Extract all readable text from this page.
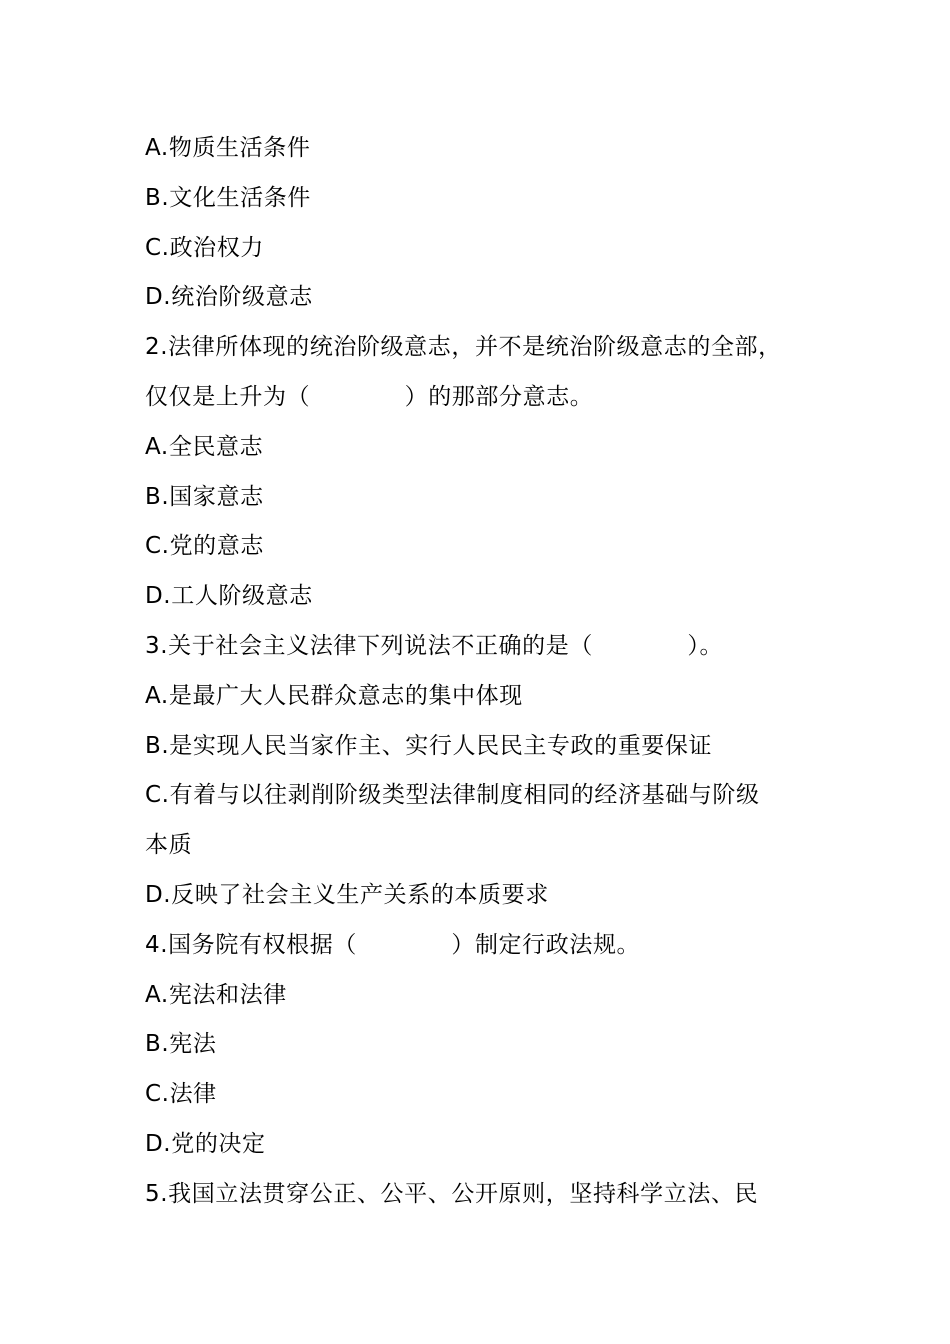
A.物质生活条件
B.文化生活条件
C.政治权力
D.统治阶级意志
2.法律所体现的统治阶级意志，并不是统治阶级意志的全部，
仅仅是上升为（　　　　）的那部分意志。
A.全民意志
B.国家意志
C.党的意志
D.工人阶级意志
3.关于社会主义法律下列说法不正确的是（　　　　）。
A.是最广大人民群众意志的集中体现
B.是实现人民当家作主、实行人民民主专政的重要保证
C.有着与以往剥削阶级类型法律制度相同的经济基础与阶级
本质
D.反映了社会主义生产关系的本质要求
4.国务院有权根据（　　　　）制定行政法规。
A.宪法和法律
B.宪法
C.法律
D.党的决定
5.我国立法贯穿公正、公平、公开原则，坚持科学立法、民
